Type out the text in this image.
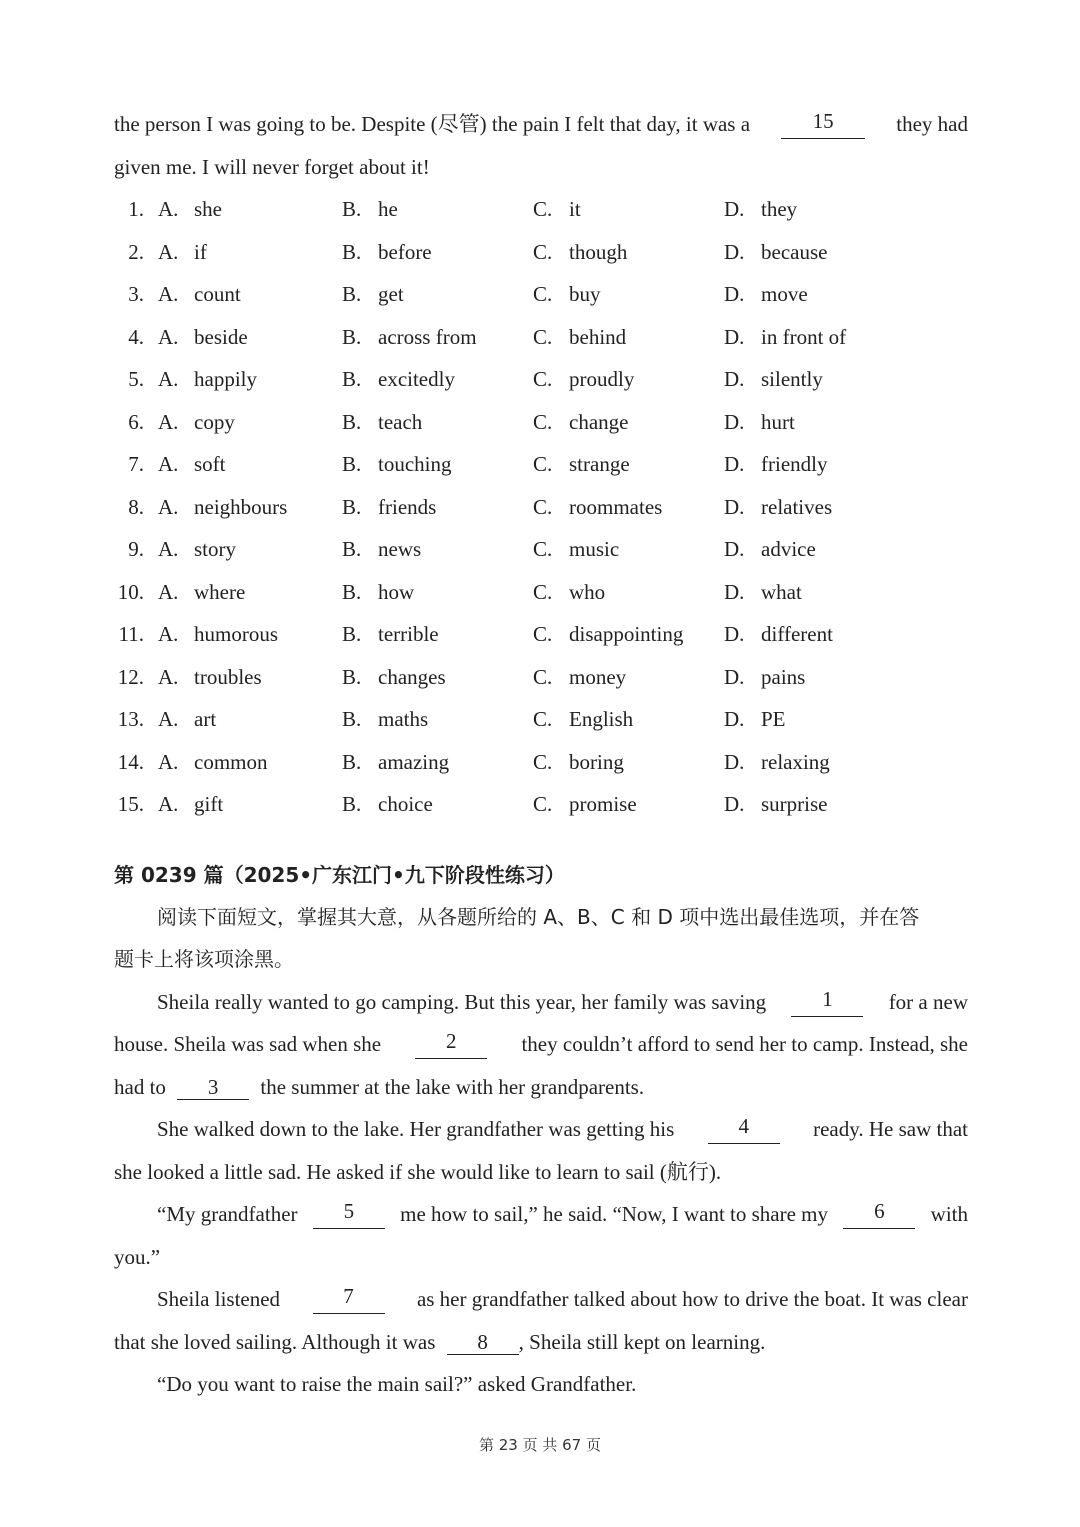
the person I was going to be. Despite (尽管) the pain I felt that day, it was a	15	they had
given me. I will never forget about it!
1. A. she	B. he	C. it	D. they
2. A. if	B. before	C. though	D. because
3. A. count	B. get	C. buy	D. move
4. A. beside	B. across from	C. behind	D. in front of
5. A. happily	B. excitedly	C. proudly	D. silently
6. A. copy	B. teach	C. change	D. hurt
7. A. soft	B. touching	C. strange	D. friendly
8. A. neighbours	B. friends	C. roommates	D. relatives
9. A. story	B. news	C. music	D. advice
10. A. where	B. how	C. who	D. what
11. A. humorous	B. terrible	C. disappointing D. different
12. A. troubles	B. changes	C. money	D. pains
13. A. art	B. maths	C. English	D. PE
14. A. common	B. amazing	C. boring	D. relaxing
15. A. gift	B. choice	C. promise	D. surprise
第 0239 篇（2025•广东江门•九下阶段性练习）
阅读下面短文，掌握其大意，从各题所给的 A、B、C 和 D 项中选出最佳选项，并在答
题卡上将该项涂黑。
Sheila really wanted to go camping. But this year, her family was saving	1	for a new
house. Sheila was sad when she	2	they couldn’t afford to send her to camp. Instead, she
had to 3 the summer at the lake with her grandparents.
She walked down to the lake. Her grandfather was getting his	4	ready. He saw that
she looked a little sad. He asked if she would like to learn to sail (航行).
“My grandfather	5	me how to sail,” he said. “Now, I want to share my	6	with
you.”
Sheila listened	7	as her grandfather talked about how to drive the boat. It was clear
that she loved sailing. Although it was 8 , Sheila still kept on learning.
“Do you want to raise the main sail?” asked Grandfather.
第 23 页 共 67 页
